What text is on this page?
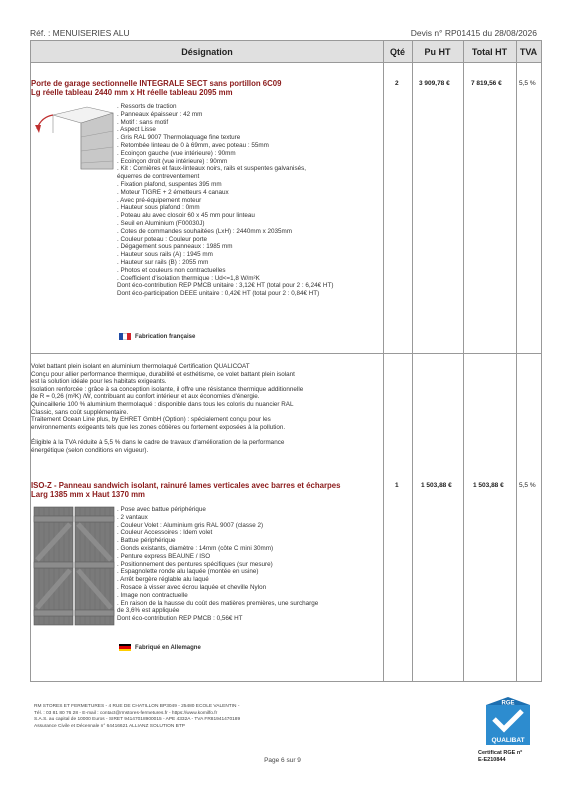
Réf. : MENUISERIES ALU	Devis n° RP01415 du 28/08/2026
Désignation	Qté	Pu HT	Total HT	TVA
Porte de garage sectionnelle INTEGRALE SECT sans portillon 6C09
Lg réelle tableau 2440 mm x Ht réelle tableau 2095 mm
2	3 909,78 €	7 819,56 €	5,5 %
. Ressorts de traction
. Panneaux épaisseur : 42 mm
. Motif : sans motif
. Aspect Lisse
. Gris RAL 9007 Thermolaquage fine texture
. Retombée linteau de 0 à 69mm, avec poteau : 55mm
. Ecoinçon gauche (vue intérieure) : 90mm
. Ecoinçon droit (vue intérieure) : 90mm
. Kit : Cornières et faux-linteaux noirs, rails et suspentes galvanisés,
équerres de contreventement
. Fixation plafond, suspentes 395 mm
. Moteur TIGRE + 2 émetteurs 4 canaux
. Avec pré-équipement moteur
. Hauteur sous plafond : 0mm
. Poteau alu avec closoir 60 x 45 mm pour linteau
. Seuil en Aluminium (F00030J)
. Cotes de commandes souhaitées (LxH) : 2440mm x 2035mm
. Couleur poteau : Couleur porte
. Dégagement sous panneaux : 1985 mm
. Hauteur sous rails (A) : 1945 mm
. Hauteur sur rails (B) : 2055 mm
. Photos et couleurs non contractuelles
. Coefficient d'isolation thermique : Ud<=1,8 W/m²K
Dont éco-contribution REP PMCB unitaire : 3,12€ HT (total pour 2 : 6,24€ HT)
Dont éco-participation DEEE unitaire : 0,42€ HT (total pour 2 : 0,84€ HT)
Fabrication française
Volet battant plein isolant en aluminium thermolaqué Certification QUALICOAT
Conçu pour allier performance thermique, durabilité et esthétisme, ce volet battant plein isolant
est la solution idéale pour les habitats exigeants.
Isolation renforcée : grâce à sa conception isolante, il offre une résistance thermique additionnelle
de R = 0,26 (m²K) /W, contribuant au confort intérieur et aux économies d'énergie.
Quincaillerie 100 % aluminium thermolaqué : disponible dans tous les coloris du nuancier RAL
Classic, sans coût supplémentaire.
Traitement Ocean Line plus, by EHRET GmbH (Option) : spécialement conçu pour les
environnements exigeants tels que les zones côtières ou fortement exposées à la pollution.
Éligible à la TVA réduite à 5,5 % dans le cadre de travaux d'amélioration de la performance
énergétique (selon conditions en vigueur).
ISO-Z - Panneau sandwich isolant, rainuré lames verticales avec barres et écharpes
Larg 1385 mm x Haut 1370 mm
1	1 503,88 €	1 503,88 € 5,5 %
. Pose avec battue périphérique
. 2 vantaux
. Couleur Volet : Aluminium gris RAL 9007 (classe 2)
. Couleur Accessoires : Idem volet
. Battue périphérique
. Gonds existants, diamètre : 14mm (côte C mini 30mm)
. Penture express BEAUNE / ISO
. Positionnement des pentures spécifiques (sur mesure)
. Espagnolette ronde alu laquée (montée en usine)
. Arrêt bergère réglable alu laqué
. Rosace à visser avec écrou laquée et cheville Nylon
. Image non contractuelle
. En raison de la hausse du coût des matières premières, une surcharge
de 3,6% est appliquée
Dont éco-contribution REP PMCB : 0,56€ HT
Fabriqué en Allemagne
RM STORES ET FERMETURES - 4 RUE DE CHATILLON BP3049 - 25480 ECOLE VALENTIN -
Tél. : 03 81 80 76 28 - E-mail : contact@rmstores-fermetures.fr - https://www.komilfo.fr
S.A.S. au capital de 10000 Euros - SIRET 94147018900015 - APE 4332A - TVA FR81941470189
Assurance Civile et Décennale n° 64416621 ALLIANZ SOLUTION BTP
Page 6 sur 9
RGE
QUALIBAT
Certificat RGE n°
E-E210844
